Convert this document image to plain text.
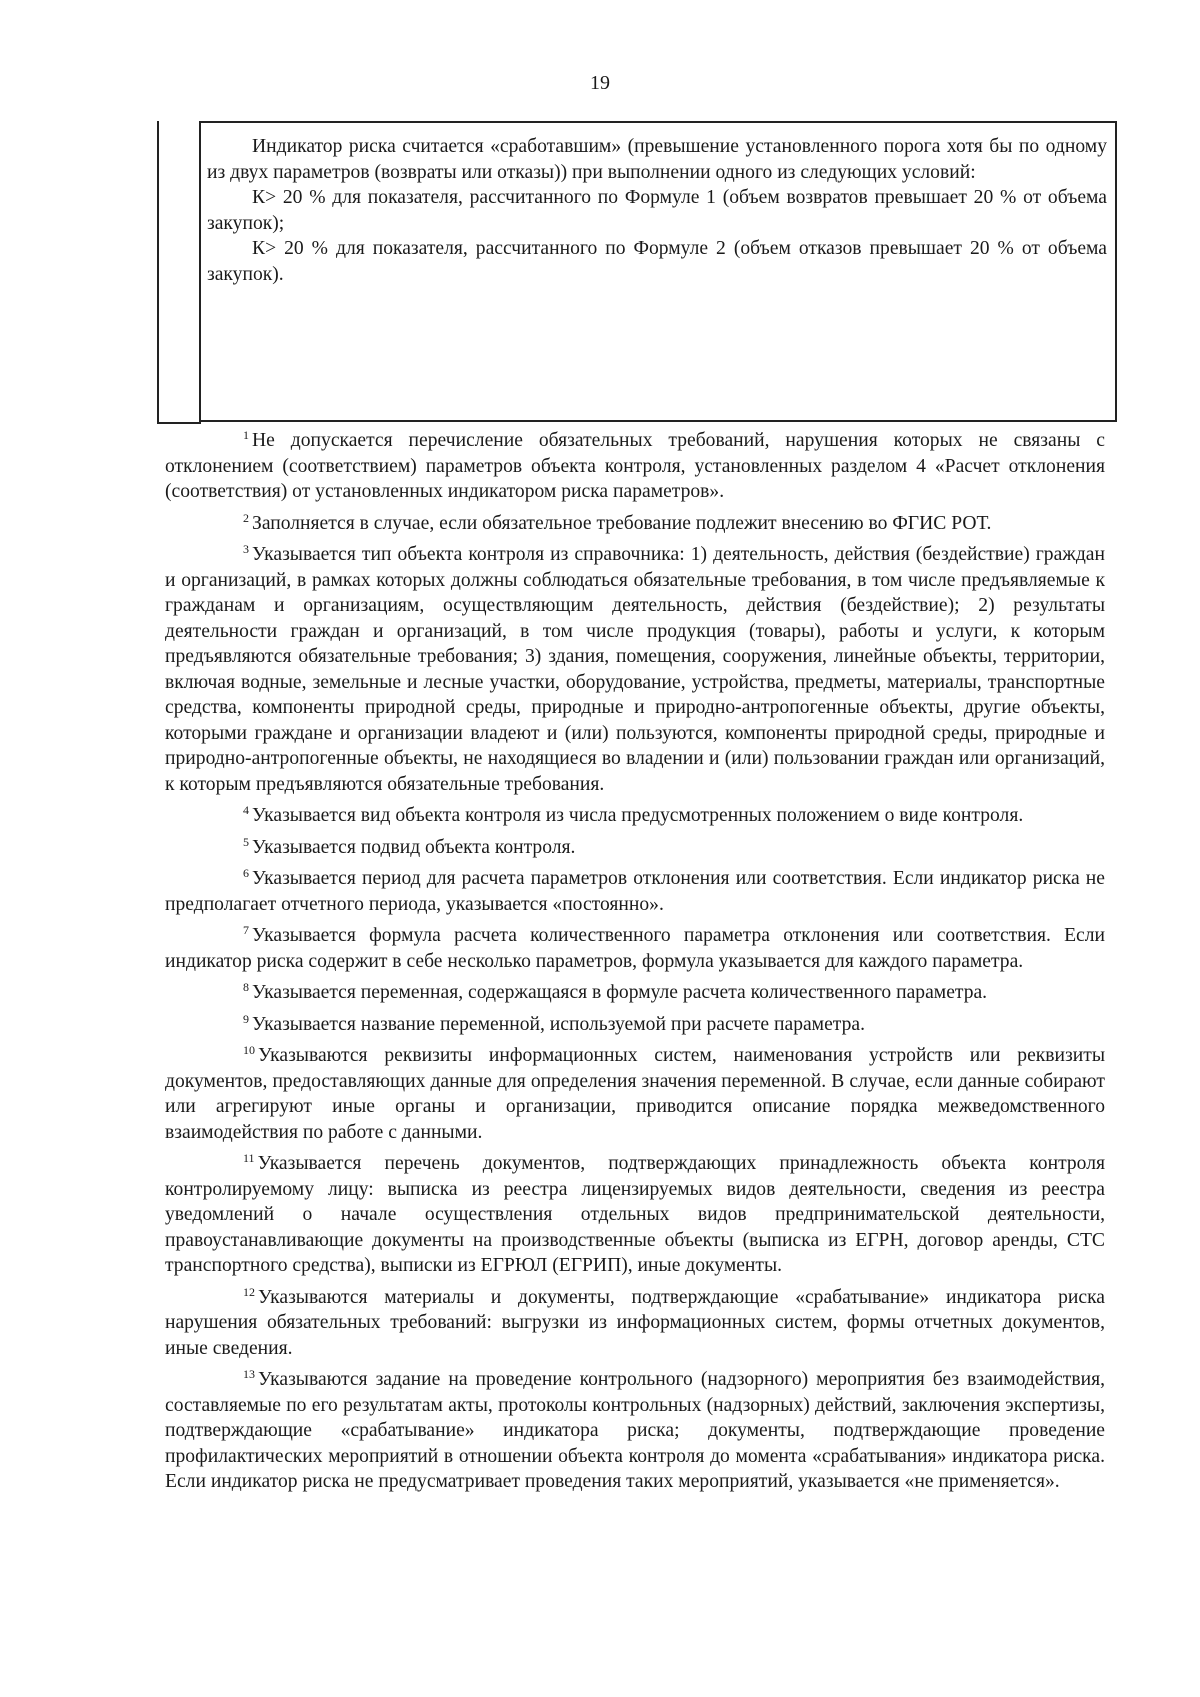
19

Индикатор риска считается «сработавшим» (превышение установленного порога хотя бы по одному из двух параметров (возвраты или отказы)) при выполнении одного из следующих условий:

К> 20 % для показателя, рассчитанного по Формуле 1 (объем возвратов превышает 20 % от объема закупок);

К> 20 % для показателя, рассчитанного по Формуле 2 (объем отказов превышает 20 % от объема закупок).

$^1$ Не допускается перечисление обязательных требований, нарушения которых не связаны с отклонением (соответствием) параметров объекта контроля, установленных разделом 4 «Расчет отклонения (соответствия) от установленных индикатором риска параметров».

$^2$ Заполняется в случае, если обязательное требование подлежит внесению во ФГИС РОТ.

$^3$ Указывается тип объекта контроля из справочника: 1) деятельность, действия (бездействие) граждан и организаций, в рамках которых должны соблюдаться обязательные требования, в том числе предъявляемые к гражданам и организациям, осуществляющим деятельность, действия (бездействие); 2) результаты деятельности граждан и организаций, в том числе продукция (товары), работы и услуги, к которым предъявляются обязательные требования; 3) здания, помещения, сооружения, линейные объекты, территории, включая водные, земельные и лесные участки, оборудование, устройства, предметы, материалы, транспортные средства, компоненты природной среды, природные и природно-антропогенные объекты, другие объекты, которыми граждане и организации владеют и (или) пользуются, компоненты природной среды, природные и природно-антропогенные объекты, не находящиеся во владении и (или) пользовании граждан или организаций, к которым предъявляются обязательные требования.

$^4$ Указывается вид объекта контроля из числа предусмотренных положением о виде контроля.

$^5$ Указывается подвид объекта контроля.

$^6$ Указывается период для расчета параметров отклонения или соответствия. Если индикатор риска не предполагает отчетного периода, указывается «постоянно».

$^7$ Указывается формула расчета количественного параметра отклонения или соответствия. Если индикатор риска содержит в себе несколько параметров, формула указывается для каждого параметра.

$^8$ Указывается переменная, содержащаяся в формуле расчета количественного параметра.

$^9$ Указывается название переменной, используемой при расчете параметра.

$^{10}$ Указываются реквизиты информационных систем, наименования устройств или реквизиты документов, предоставляющих данные для определения значения переменной. В случае, если данные собирают или агрегируют иные органы и организации, приводится описание порядка межведомственного взаимодействия по работе с данными.

$^{11}$ Указывается перечень документов, подтверждающих принадлежность объекта контроля контролируемому лицу: выписка из реестра лицензируемых видов деятельности, сведения из реестра уведомлений о начале осуществления отдельных видов предпринимательской деятельности, правоустанавливающие документы на производственные объекты (выписка из ЕГРН, договор аренды, СТС транспортного средства), выписки из ЕГРЮЛ (ЕГРИП), иные документы.

$^{12}$ Указываются материалы и документы, подтверждающие «срабатывание» индикатора риска нарушения обязательных требований: выгрузки из информационных систем, формы отчетных документов, иные сведения.

$^{13}$ Указываются задание на проведение контрольного (надзорного) мероприятия без взаимодействия, составляемые по его результатам акты, протоколы контрольных (надзорных) действий, заключения экспертизы, подтверждающие «срабатывание» индикатора риска; документы, подтверждающие проведение профилактических мероприятий в отношении объекта контроля до момента «срабатывания» индикатора риска. Если индикатор риска не предусматривает проведения таких мероприятий, указывается «не применяется».
